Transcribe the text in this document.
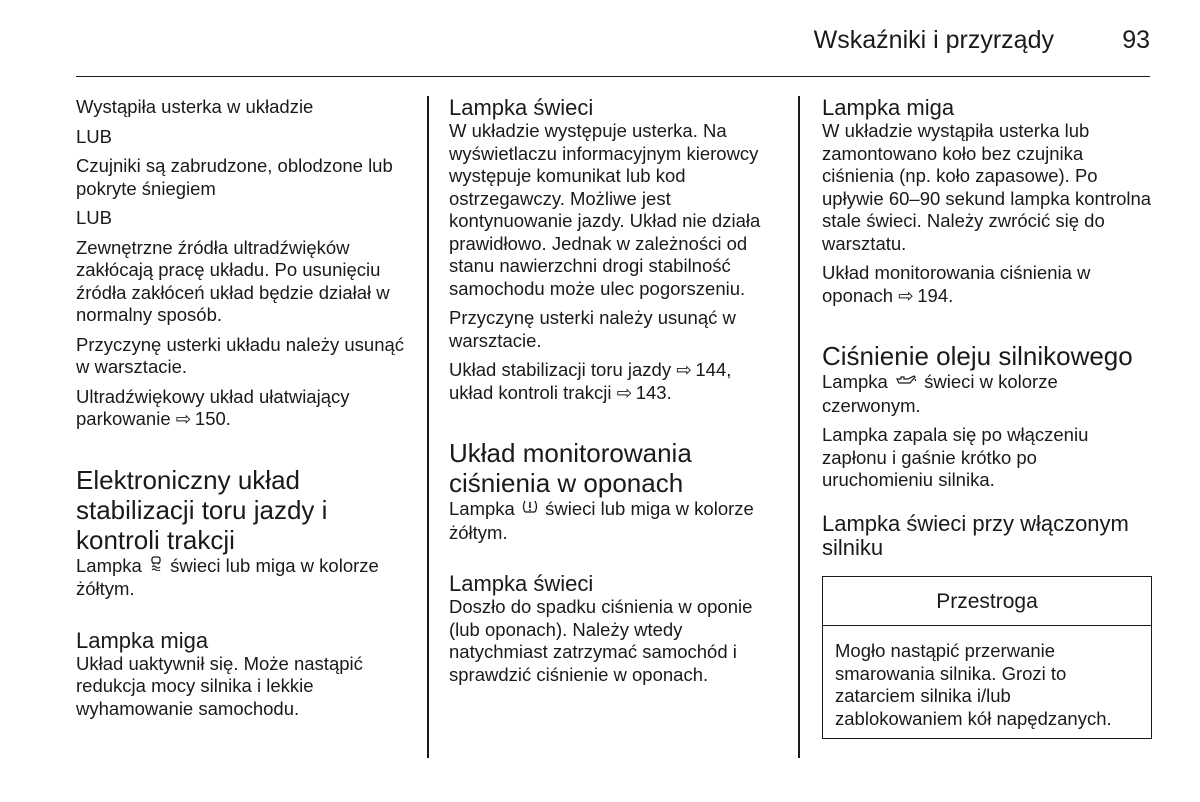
Wskaźniki i przyrządy	93

Wystąpiła usterka w układzie

LUB

Czujniki są zabrudzone, oblodzone lub pokryte śniegiem

LUB

Zewnętrzne źródła ultradźwięków zakłócają pracę układu. Po usunięciu źródła zakłóceń układ będzie działał w normalny sposób.

Przyczynę usterki układu należy usunąć w warsztacie.

Ultradźwiękowy układ ułatwiający parkowanie ⇨ 150.

Elektroniczny układ stabilizacji toru jazdy i kontroli trakcji

Lampka świeci lub miga w kolorze żółtym.

Lampka miga

Układ uaktywnił się. Może nastąpić redukcja mocy silnika i lekkie wyhamowanie samochodu.

Lampka świeci

W układzie występuje usterka. Na wyświetlaczu informacyjnym kierowcy występuje komunikat lub kod ostrzegawczy. Możliwe jest kontynuowanie jazdy. Układ nie działa prawidłowo. Jednak w zależności od stanu nawierzchni drogi stabilność samochodu może ulec pogorszeniu.

Przyczynę usterki należy usunąć w warsztacie.

Układ stabilizacji toru jazdy ⇨ 144,
układ kontroli trakcji ⇨ 143.

Układ monitorowania ciśnienia w oponach

Lampka świeci lub miga w kolorze żółtym.

Lampka świeci

Doszło do spadku ciśnienia w oponie (lub oponach). Należy wtedy natychmiast zatrzymać samochód i sprawdzić ciśnienie w oponach.

Lampka miga

W układzie wystąpiła usterka lub zamontowano koło bez czujnika ciśnienia (np. koło zapasowe). Po upływie 60–90 sekund lampka kontrolna stale świeci. Należy zwrócić się do warsztatu.

Układ monitorowania ciśnienia w oponach ⇨ 194.

Ciśnienie oleju silnikowego

Lampka świeci w kolorze czerwonym.

Lampka zapala się po włączeniu zapłonu i gaśnie krótko po uruchomieniu silnika.

Lampka świeci przy włączonym silniku
Przestroga
Mogło nastąpić przerwanie smarowania silnika. Grozi to zatarciem silnika i/lub zablokowaniem kół napędzanych.
